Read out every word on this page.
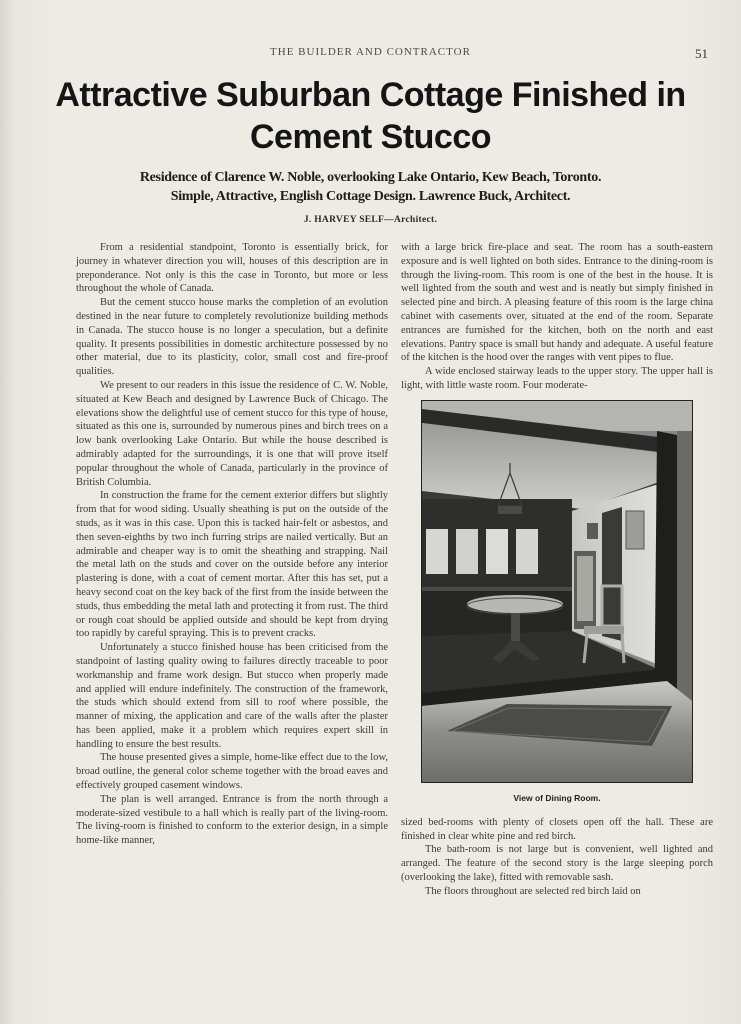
THE BUILDER AND CONTRACTOR	51
Attractive Suburban Cottage Finished in
Cement Stucco
Residence of Clarence W. Noble, overlooking Lake Ontario, Kew Beach, Toronto.
Simple, Attractive, English Cottage Design. Lawrence Buck, Architect.
J. HARVEY SELF—Architect.

From a residential standpoint, Toronto is essentially brick, for journey in whatever direction you will, houses of this description are in preponderance. Not only is this the case in Toronto, but more or less throughout the whole of Canada.

But the cement stucco house marks the completion of an evolution destined in the near future to completely revolutionize building methods in Canada. The stucco house is no longer a speculation, but a definite quality. It presents possibilities in domestic architecture possessed by no other material, due to its plasticity, color, small cost and fire-proof qualities.

We present to our readers in this issue the residence of C. W. Noble, situated at Kew Beach and designed by Lawrence Buck of Chicago. The elevations show the delightful use of cement stucco for this type of house, situated as this one is, surrounded by numerous pines and birch trees on a low bank overlooking Lake Ontario. But while the house described is admirably adapted for the surroundings, it is one that will prove itself popular throughout the whole of Canada, particularly in the province of British Columbia.

In construction the frame for the cement exterior differs but slightly from that for wood siding. Usually sheathing is put on the outside of the studs, as it was in this case. Upon this is tacked hair-felt or asbestos, and then seven-eighths by two inch furring strips are nailed vertically. But an admirable and cheaper way is to omit the sheathing and strapping. Nail the metal lath on the studs and cover on the outside before any interior plastering is done, with a coat of cement mortar. After this has set, put a heavy second coat on the key back of the first from the inside between the studs, thus embedding the metal lath and protecting it from rust. The third or rough coat should be applied outside and should be kept from drying too rapidly by careful spraying. This is to prevent cracks.

Unfortunately a stucco finished house has been criticised from the standpoint of lasting quality owing to failures directly traceable to poor workmanship and frame work design. But stucco when properly made and applied will endure indefinitely. The construction of the framework, the studs which should extend from sill to roof where possible, the manner of mixing, the application and care of the walls after the plaster has been applied, make it a problem which requires expert skill in handling to ensure the best results.

The house presented gives a simple, home-like effect due to the low, broad outline, the general color scheme together with the broad eaves and effectively grouped casement windows.

The plan is well arranged. Entrance is from the north through a moderate-sized vestibule to a hall which is really part of the living-room. The living-room is finished to conform to the exterior design, in a simple home-like manner,

with a large brick fire-place and seat. The room has a south-eastern exposure and is well lighted on both sides. Entrance to the dining-room is through the living-room. This room is one of the best in the house. It is well lighted from the south and west and is neatly but simply finished in selected pine and birch. A pleasing feature of this room is the large china cabinet with casements over, situated at the end of the room. Separate entrances are furnished for the kitchen, both on the north and east elevations. Pantry space is small but handy and adequate. A useful feature of the kitchen is the hood over the ranges with vent pipes to flue.

A wide enclosed stairway leads to the upper story. The upper hall is light, with little waste room. Four moderate-

View of Dining Room.

sized bed-rooms with plenty of closets open off the hall. These are finished in clear white pine and red birch.

The bath-room is not large but is convenient, well lighted and arranged. The feature of the second story is the large sleeping porch (overlooking the lake), fitted with removable sash.

The floors throughout are selected red birch laid on
